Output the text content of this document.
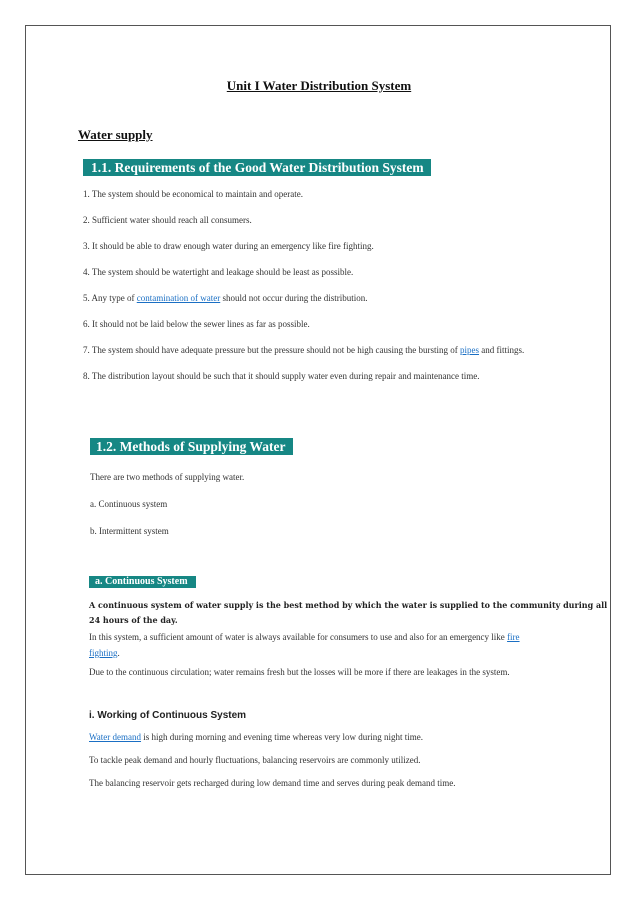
Unit I Water Distribution System
Water supply
1.1. Requirements of the Good Water Distribution System
1. The system should be economical to maintain and operate.
2. Sufficient water should reach all consumers.
3. It should be able to draw enough water during an emergency like fire fighting.
4. The system should be watertight and leakage should be least as possible.
5. Any type of contamination of water should not occur during the distribution.
6. It should not be laid below the sewer lines as far as possible.
7. The system should have adequate pressure but the pressure should not be high causing the bursting of pipes and fittings.
8. The distribution layout should be such that it should supply water even during repair and maintenance time.
1.2. Methods of Supplying Water
There are two methods of supplying water.
a. Continuous system
b. Intermittent system
a. Continuous System
A continuous system of water supply is the best method by which the water is supplied to the community during all
24 hours of the day.
In this system, a sufficient amount of water is always available for consumers to use and also for an emergency like fire
fighting.
Due to the continuous circulation; water remains fresh but the losses will be more if there are leakages in the system.
i. Working of Continuous System
Water demand is high during morning and evening time whereas very low during night time.
To tackle peak demand and hourly fluctuations, balancing reservoirs are commonly utilized.
The balancing reservoir gets recharged during low demand time and serves during peak demand time.
